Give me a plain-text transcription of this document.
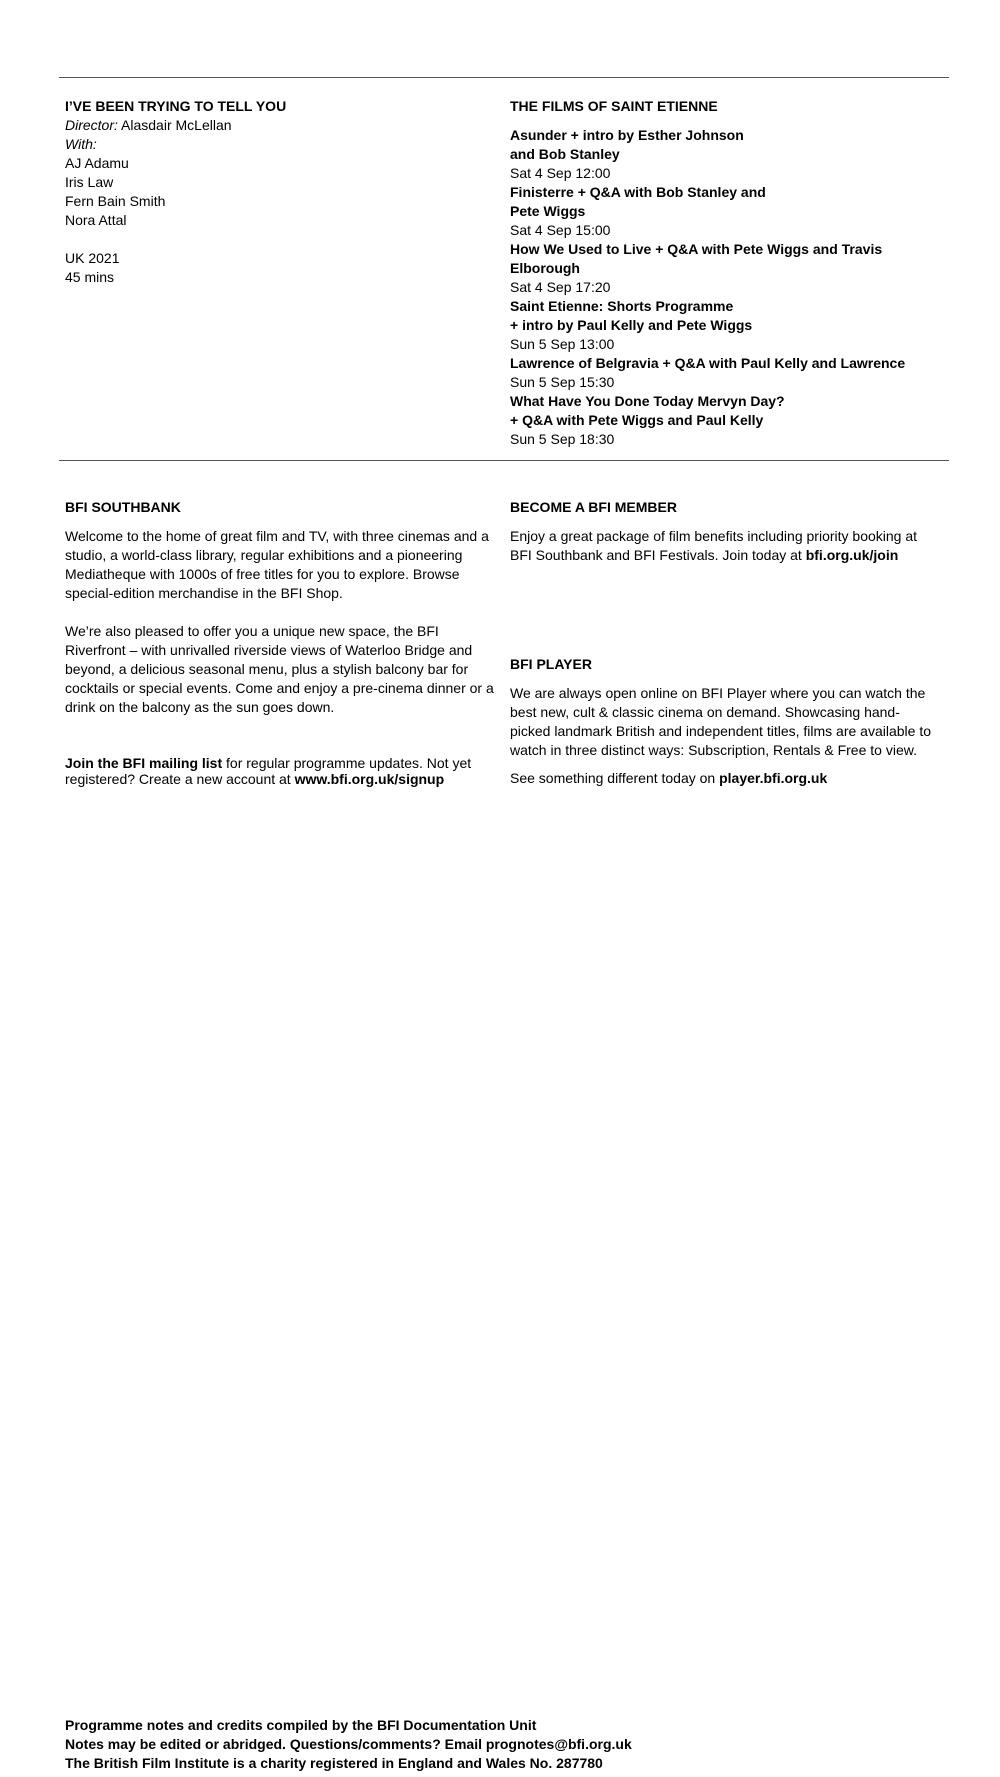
I’VE BEEN TRYING TO TELL YOU
Director: Alasdair McLellan
With:
AJ Adamu
Iris Law
Fern Bain Smith
Nora Attal
UK 2021
45 mins
THE FILMS OF SAINT ETIENNE
Asunder + intro by Esther Johnson
and Bob Stanley
Sat 4 Sep 12:00
Finisterre + Q&A with Bob Stanley and
Pete Wiggs
Sat 4 Sep 15:00
How We Used to Live + Q&A with Pete Wiggs and Travis Elborough
Sat 4 Sep 17:20
Saint Etienne: Shorts Programme
+ intro by Paul Kelly and Pete Wiggs
Sun 5 Sep 13:00
Lawrence of Belgravia + Q&A with Paul Kelly and Lawrence
Sun 5 Sep 15:30
What Have You Done Today Mervyn Day?
+ Q&A with Pete Wiggs and Paul Kelly
Sun 5 Sep 18:30
BFI SOUTHBANK

Welcome to the home of great film and TV, with three cinemas and a studio, a world-class library, regular exhibitions and a pioneering Mediatheque with 1000s of free titles for you to explore. Browse special-edition merchandise in the BFI Shop.

We’re also pleased to offer you a unique new space, the BFI Riverfront – with unrivalled riverside views of Waterloo Bridge and beyond, a delicious seasonal menu, plus a stylish balcony bar for cocktails or special events. Come and enjoy a pre-cinema dinner or a drink on the balcony as the sun goes down.

Join the BFI mailing list for regular programme updates. Not yet registered? Create a new account at www.bfi.org.uk/signup

BECOME A BFI MEMBER

Enjoy a great package of film benefits including priority booking at BFI Southbank and BFI Festivals. Join today at bfi.org.uk/join

BFI PLAYER

We are always open online on BFI Player where you can watch the best new, cult & classic cinema on demand. Showcasing hand-picked landmark British and independent titles, films are available to watch in three distinct ways: Subscription, Rentals & Free to view.

See something different today on player.bfi.org.uk

Programme notes and credits compiled by the BFI Documentation Unit
Notes may be edited or abridged. Questions/comments? Email prognotes@bfi.org.uk
The British Film Institute is a charity registered in England and Wales No. 287780
